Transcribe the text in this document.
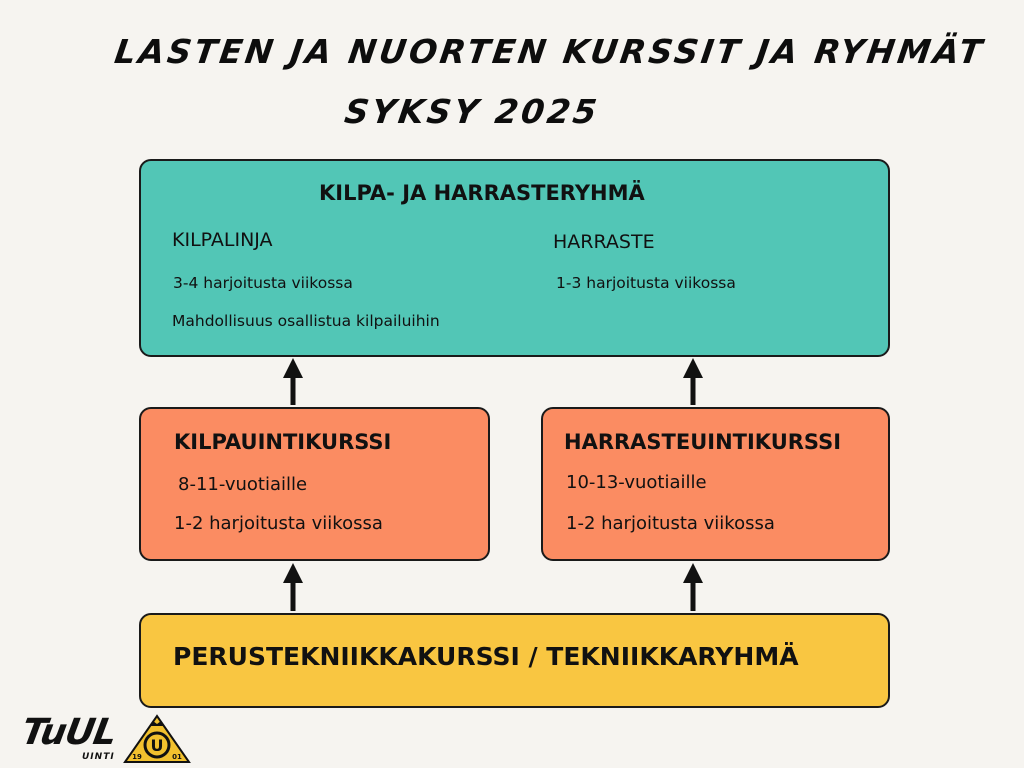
LASTEN JA NUORTEN KURSSIT JA RYHMÄT
SYKSY 2025

KILPA- JA HARRASTERYHMÄ

KILPALINJA	HARRASTE

3-4 harjoitusta viikossa	1-3 harjoitusta viikossa

Mahdollisuus osallistua kilpailuihin

KILPAUINTIKURSSI

8-11-vuotiaille

1-2 harjoitusta viikossa

HARRASTEUINTIKURSSI

10-13-vuotiaille

1-2 harjoitusta viikossa

PERUSTEKNIIKKAKURSSI / TEKNIIKKARYHMÄ

TuUL

UINTI

U
19	01
